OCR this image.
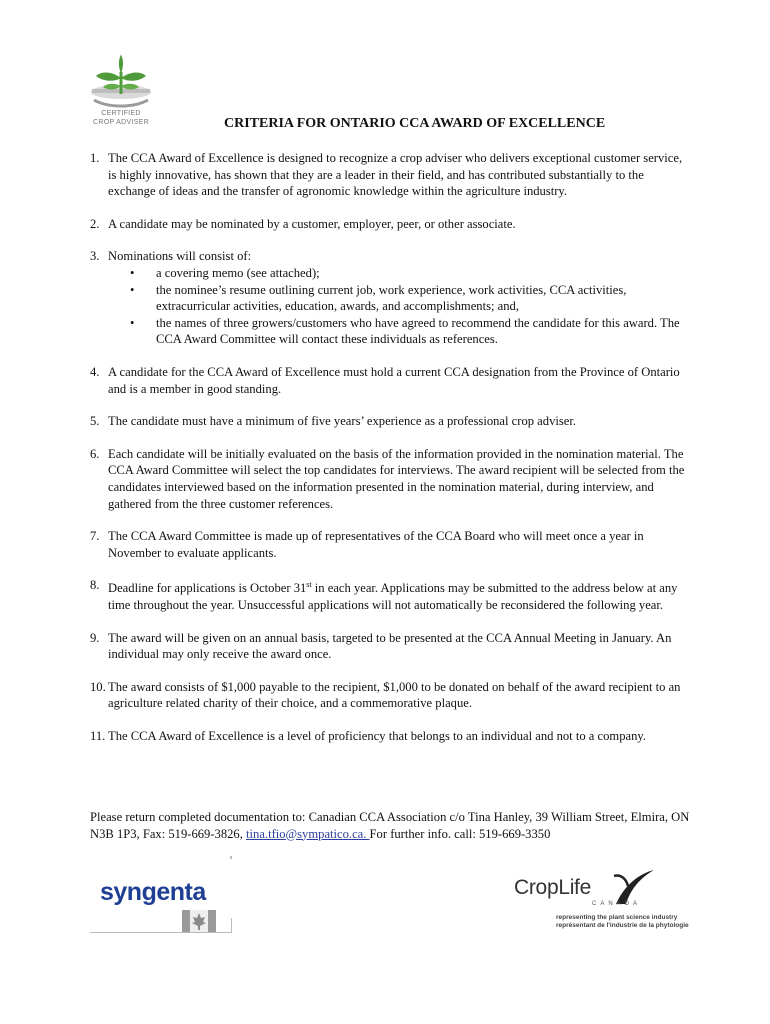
CERTIFIED
CROP ADVISER	CRITERIA FOR ONTARIO CCA AWARD OF EXCELLENCE
1. The CCA Award of Excellence is designed to recognize a crop adviser who delivers exceptional customer service, is highly innovative, has shown that they are a leader in their field, and has contributed substantially to the exchange of ideas and the transfer of agronomic knowledge within the agriculture industry.
2. A candidate may be nominated by a customer, employer, peer, or other associate.
3. Nominations will consist of:
• a covering memo (see attached);
• the nominee’s resume outlining current job, work experience, work activities, CCA activities, extracurricular activities, education, awards, and accomplishments; and,
• the names of three growers/customers who have agreed to recommend the candidate for this award. The CCA Award Committee will contact these individuals as references.
4. A candidate for the CCA Award of Excellence must hold a current CCA designation from the Province of Ontario and is a member in good standing.
5. The candidate must have a minimum of five years’ experience as a professional crop adviser.
6. Each candidate will be initially evaluated on the basis of the information provided in the nomination material. The CCA Award Committee will select the top candidates for interviews. The award recipient will be selected from the candidates interviewed based on the information presented in the nomination material, during interview, and gathered from the three customer references.
7. The CCA Award Committee is made up of representatives of the CCA Board who will meet once a year in November to evaluate applicants.
8. Deadline for applications is October 31st in each year. Applications may be submitted to the address below at any time throughout the year. Unsuccessful applications will not automatically be reconsidered the following year.
9. The award will be given on an annual basis, targeted to be presented at the CCA Annual Meeting in January. An individual may only receive the award once.
10. The award consists of $1,000 payable to the recipient, $1,000 to be donated on behalf of the award recipient to an agriculture related charity of their choice, and a commemorative plaque.
11. The CCA Award of Excellence is a level of proficiency that belongs to an individual and not to a company.
Please return completed documentation to: Canadian CCA Association c/o Tina Hanley, 39 William Street, Elmira, ON N3B 1P3, Fax: 519-669-3826, tina.tfio@sympatico.ca. For further info. call: 519-669-3350
syngenta	CropLife
CANADA
representing the plant science industry
représentant de l'industrie de la phytologie
